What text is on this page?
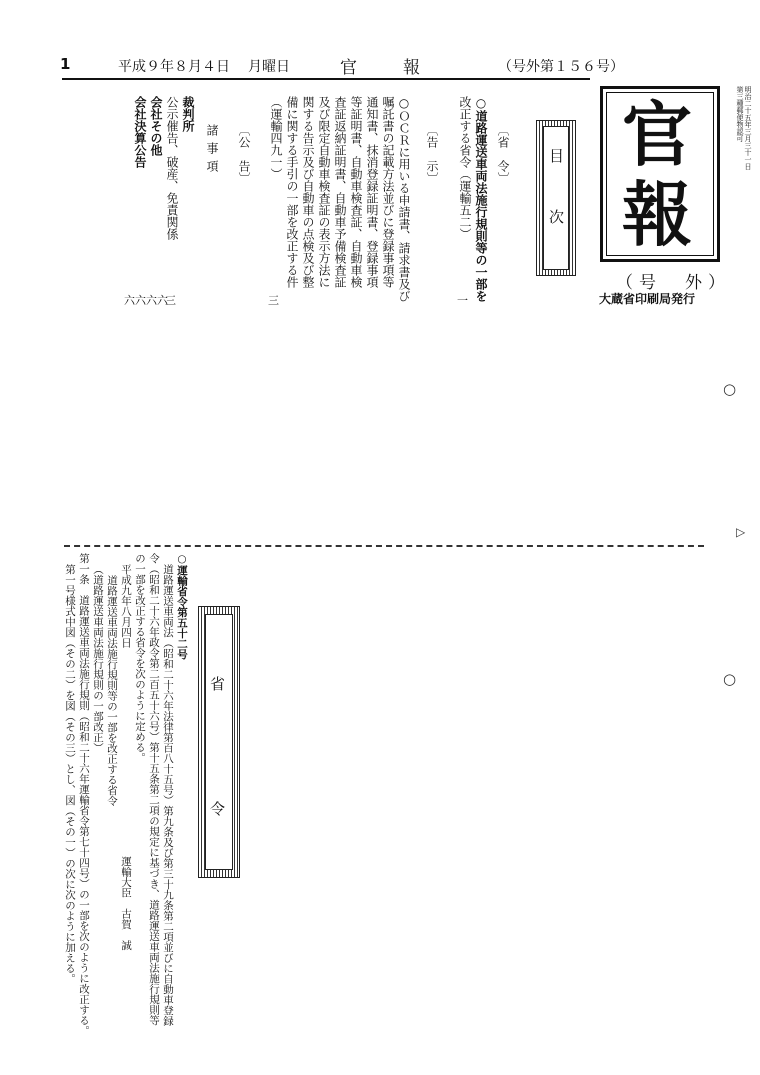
1	平成９年８月４日 月曜日	官報 （号外第１５６号）
官
報
（号　外）
大蔵省印刷局発行
明治二十五年三月三十一日
第三種郵便物認可
目次
〔省　令〕
○道路運送車両法施行規則等の一部を
改正する省令（運輸五二）
一
〔告　示〕
○ＯＣＲに用いる申請書、請求書及び
嘱託書の記載方法並びに登録事項等
通知書、抹消登録証明書、登録事項
等証明書、自動車検査証、自動車検
査証返納証明書、自動車予備検査証
及び限定自動車検査証の表示方法に
関する告示及び自動車の点検及び整
備に関する手引の一部を改正する件
（運輸四九一）
三
〔公　告〕
諸事項
裁判所
公示催告、破産、免責関係
三
会社その他
六六
会社決算公告
六六
省令
○運輸省令第五十二号
道路運送車両法（昭和二十六年法律第百八十五号）第九条及び第三十九条第二項並びに自動車登録
令（昭和二十六年政令第二百五十六号）第十五条第二項の規定に基づき、道路運送車両法施行規則等
の一部を改正する省令を次のように定める。
平成九年八月四日
運輸大臣　古賀　誠
道路運送車両法施行規則等の一部を改正する省令
（道路運送車両法施行規則の一部改正）
第一条　道路運送車両法施行規則（昭和二十六年運輸省令第七十四号）の一部を次のように改正する。
第一号様式中図（その二）を図（その三）とし、図（その一）の次に次のように加える。
○
▷
○
